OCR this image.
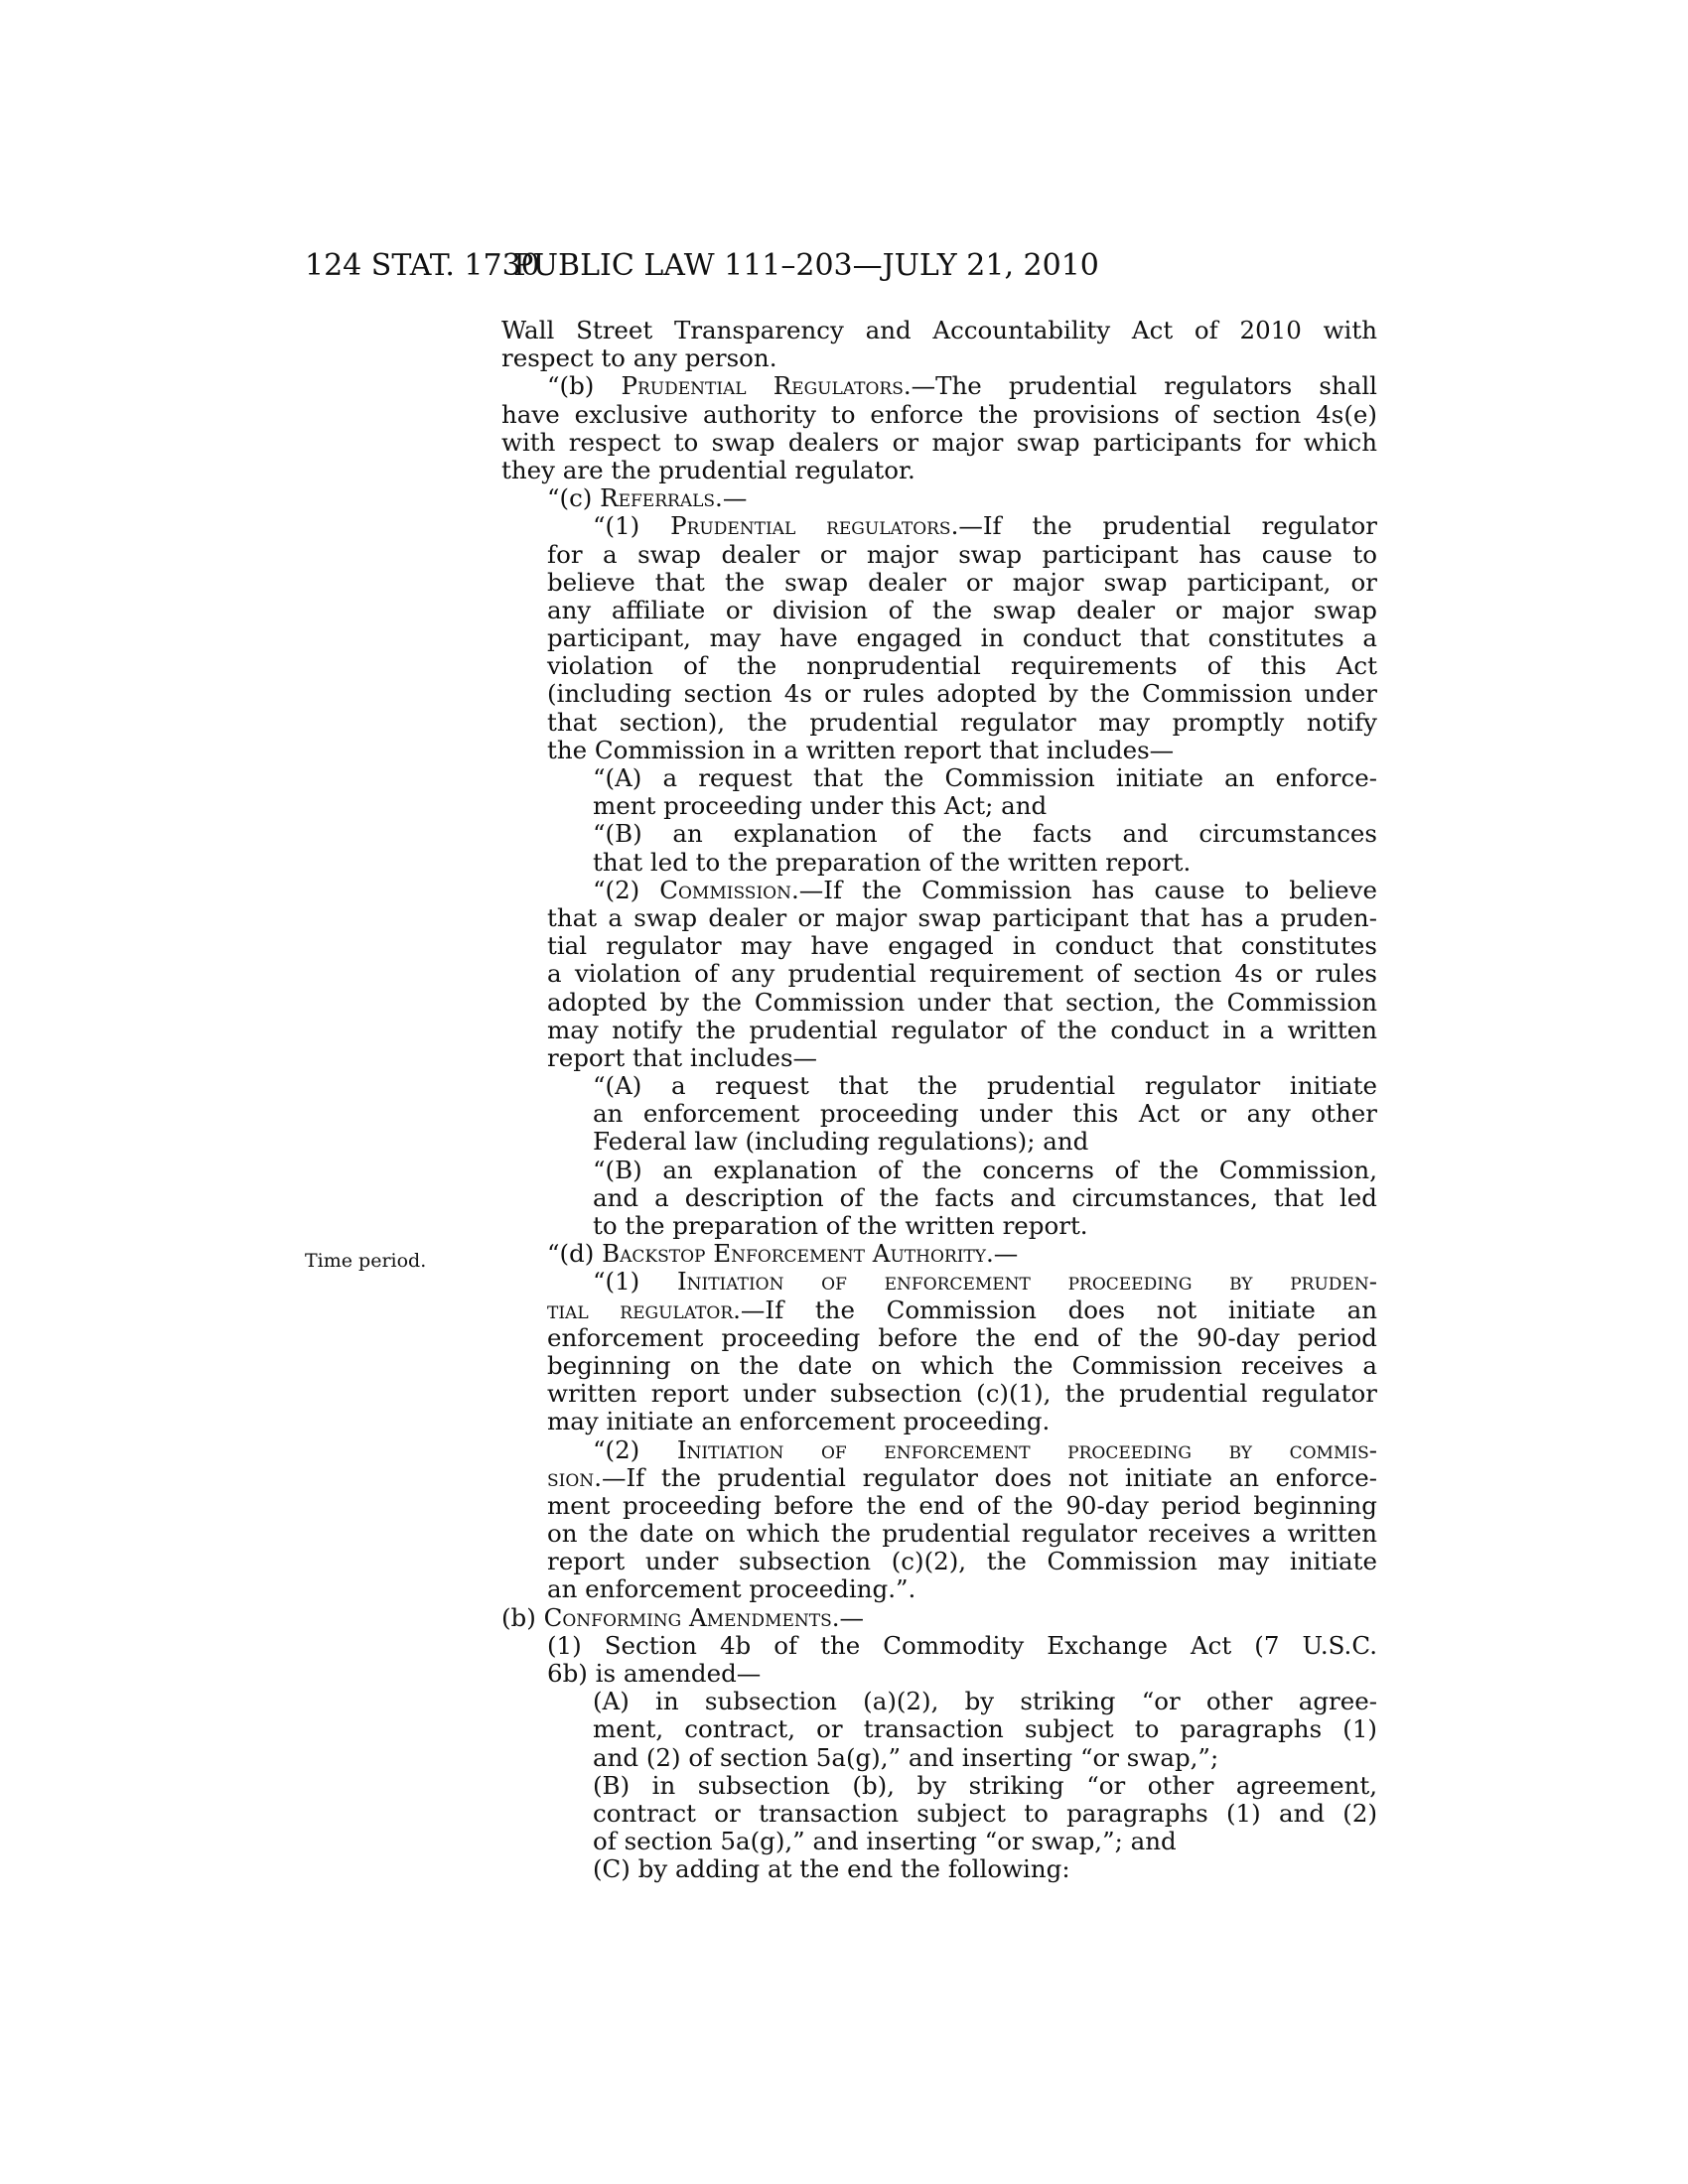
124 STAT. 1730
PUBLIC LAW 111–203—JULY 21, 2010
Time period.
Wall Street Transparency and Accountability Act of 2010 with
respect to any person.
“(b) Prudential Regulators.—The prudential regulators shall
have exclusive authority to enforce the provisions of section 4s(e)
with respect to swap dealers or major swap participants for which
they are the prudential regulator.
“(c) Referrals.—
“(1) Prudential regulators.—If the prudential regulator
for a swap dealer or major swap participant has cause to
believe that the swap dealer or major swap participant, or
any affiliate or division of the swap dealer or major swap
participant, may have engaged in conduct that constitutes a
violation of the nonprudential requirements of this Act
(including section 4s or rules adopted by the Commission under
that section), the prudential regulator may promptly notify
the Commission in a written report that includes—
“(A) a request that the Commission initiate an enforce-
ment proceeding under this Act; and
“(B) an explanation of the facts and circumstances
that led to the preparation of the written report.
“(2) Commission.—If the Commission has cause to believe
that a swap dealer or major swap participant that has a pruden-
tial regulator may have engaged in conduct that constitutes
a violation of any prudential requirement of section 4s or rules
adopted by the Commission under that section, the Commission
may notify the prudential regulator of the conduct in a written
report that includes—
“(A) a request that the prudential regulator initiate
an enforcement proceeding under this Act or any other
Federal law (including regulations); and
“(B) an explanation of the concerns of the Commission,
and a description of the facts and circumstances, that led
to the preparation of the written report.
“(d) Backstop Enforcement Authority.—
“(1) Initiation of enforcement proceeding by pruden-
tial regulator.—If the Commission does not initiate an
enforcement proceeding before the end of the 90-day period
beginning on the date on which the Commission receives a
written report under subsection (c)(1), the prudential regulator
may initiate an enforcement proceeding.
“(2) Initiation of enforcement proceeding by commis-
sion.—If the prudential regulator does not initiate an enforce-
ment proceeding before the end of the 90-day period beginning
on the date on which the prudential regulator receives a written
report under subsection (c)(2), the Commission may initiate
an enforcement proceeding.”.
(b) Conforming Amendments.—
(1) Section 4b of the Commodity Exchange Act (7 U.S.C.
6b) is amended—
(A) in subsection (a)(2), by striking “or other agree-
ment, contract, or transaction subject to paragraphs (1)
and (2) of section 5a(g),” and inserting “or swap,”;
(B) in subsection (b), by striking “or other agreement,
contract or transaction subject to paragraphs (1) and (2)
of section 5a(g),” and inserting “or swap,”; and
(C) by adding at the end the following:
